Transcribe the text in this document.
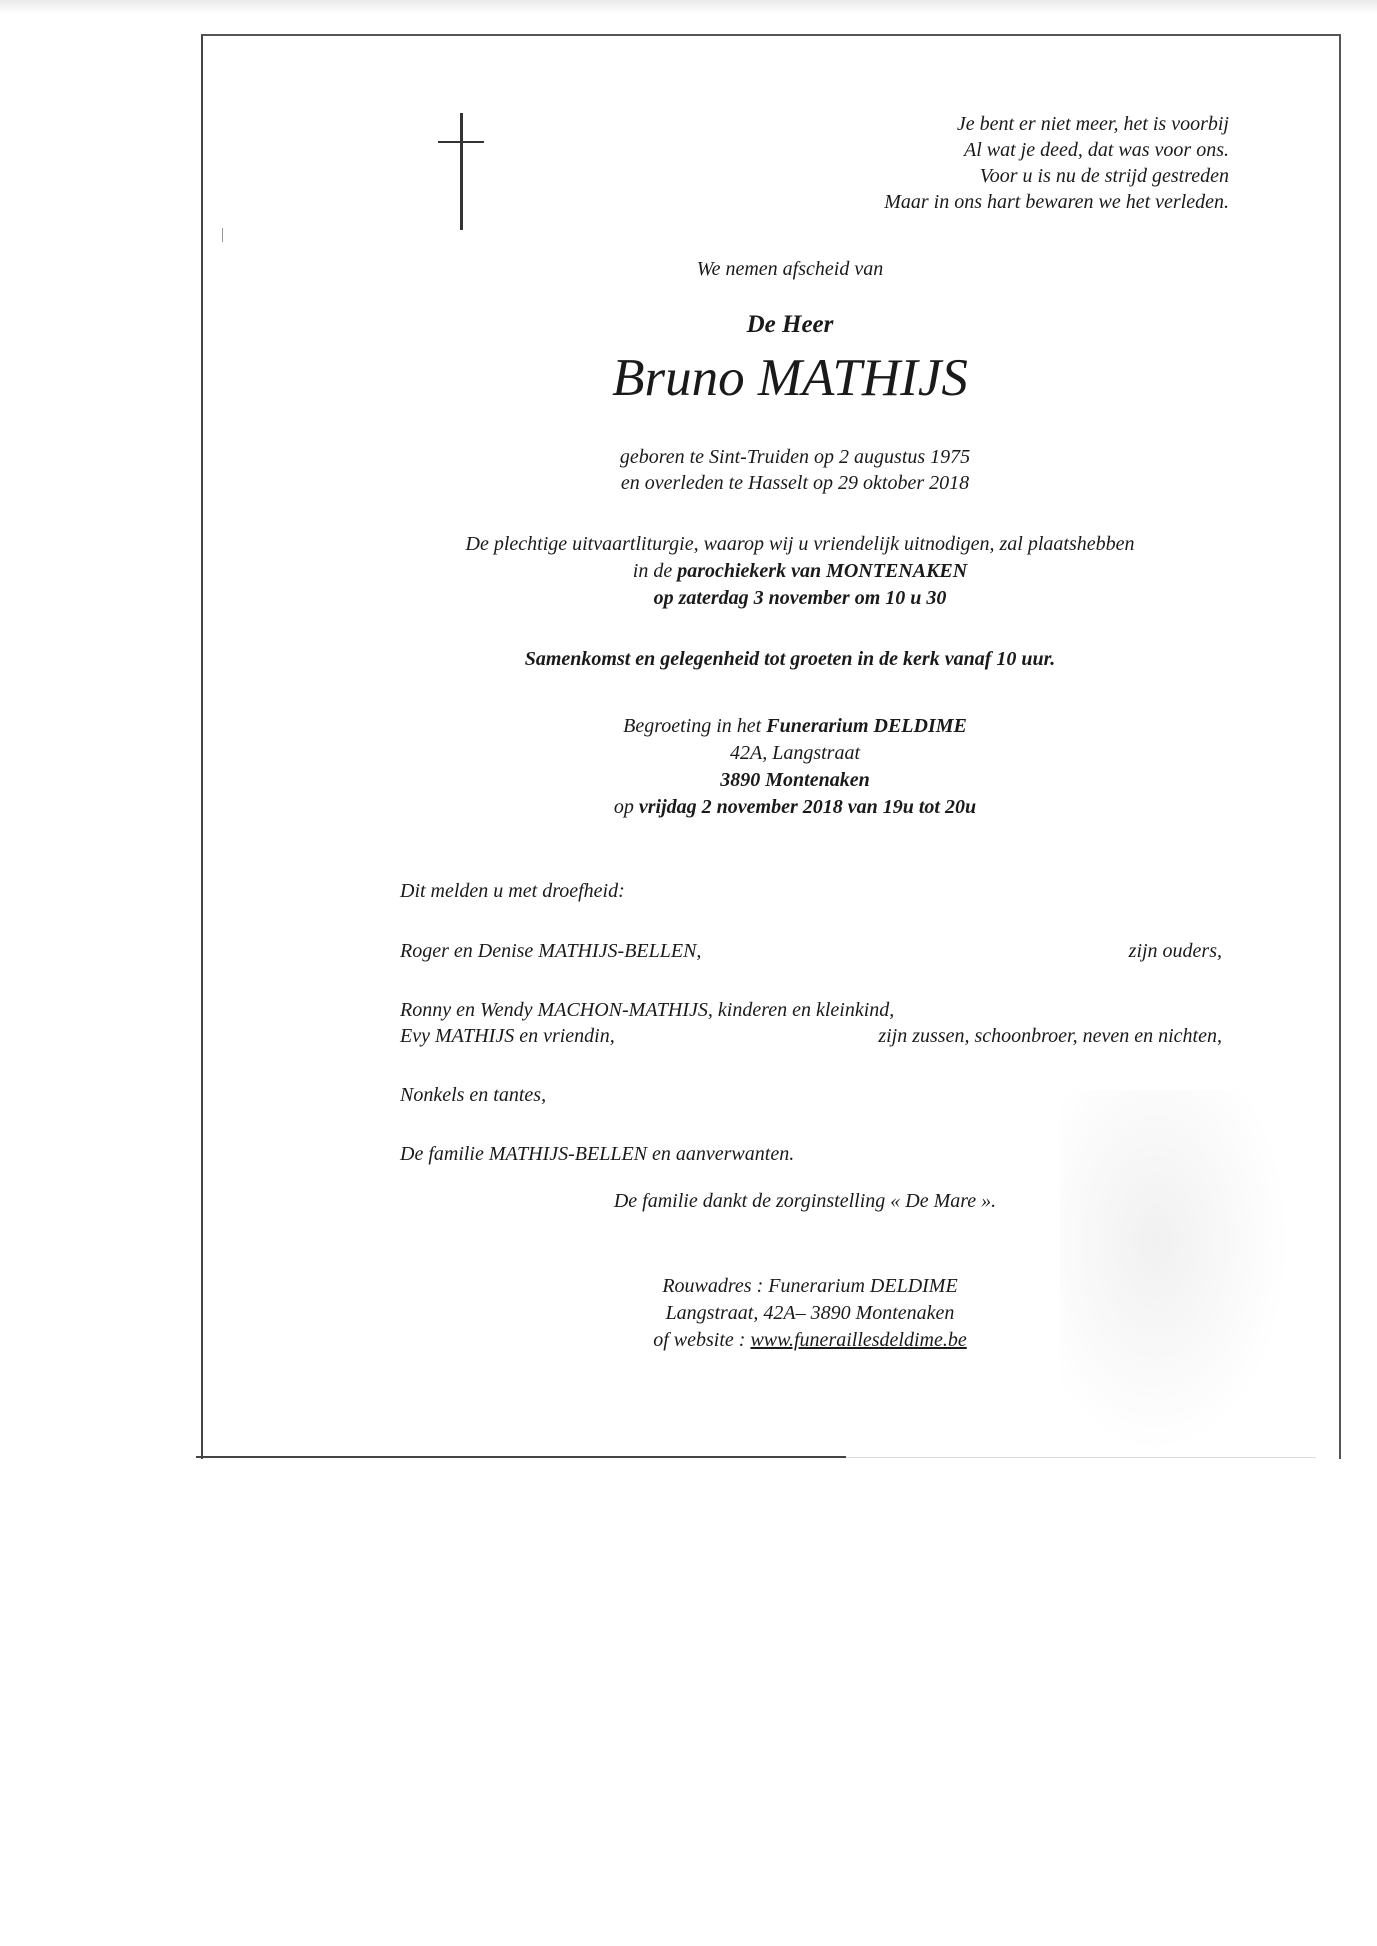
Je bent er niet meer, het is voorbij
Al wat je deed, dat was voor ons.
Voor u is nu de strijd gestreden
Maar in ons hart bewaren we het verleden.
We nemen afscheid van
De Heer
Bruno MATHIJS
geboren te Sint-Truiden op 2 augustus 1975
en overleden te Hasselt op 29 oktober 2018
De plechtige uitvaartliturgie, waarop wij u vriendelijk uitnodigen, zal plaatshebben
in de parochiekerk van MONTENAKEN
op zaterdag 3 november om 10 u 30
Samenkomst en gelegenheid tot groeten in de kerk vanaf 10 uur.
Begroeting in het Funerarium DELDIME
42A, Langstraat
3890 Montenaken
op vrijdag 2 november 2018 van 19u tot 20u
Dit melden u met droefheid:
Roger en Denise MATHIJS-BELLEN,	zijn ouders,
Ronny en Wendy MACHON-MATHIJS, kinderen en kleinkind,
Evy MATHIJS en vriendin,	zijn zussen, schoonbroer, neven en nichten,
Nonkels en tantes,
De familie MATHIJS-BELLEN en aanverwanten.
De familie dankt de zorginstelling « De Mare ».
Rouwadres : Funerarium DELDIME
Langstraat, 42A– 3890 Montenaken
of website : www.funeraillesdeldime.be
